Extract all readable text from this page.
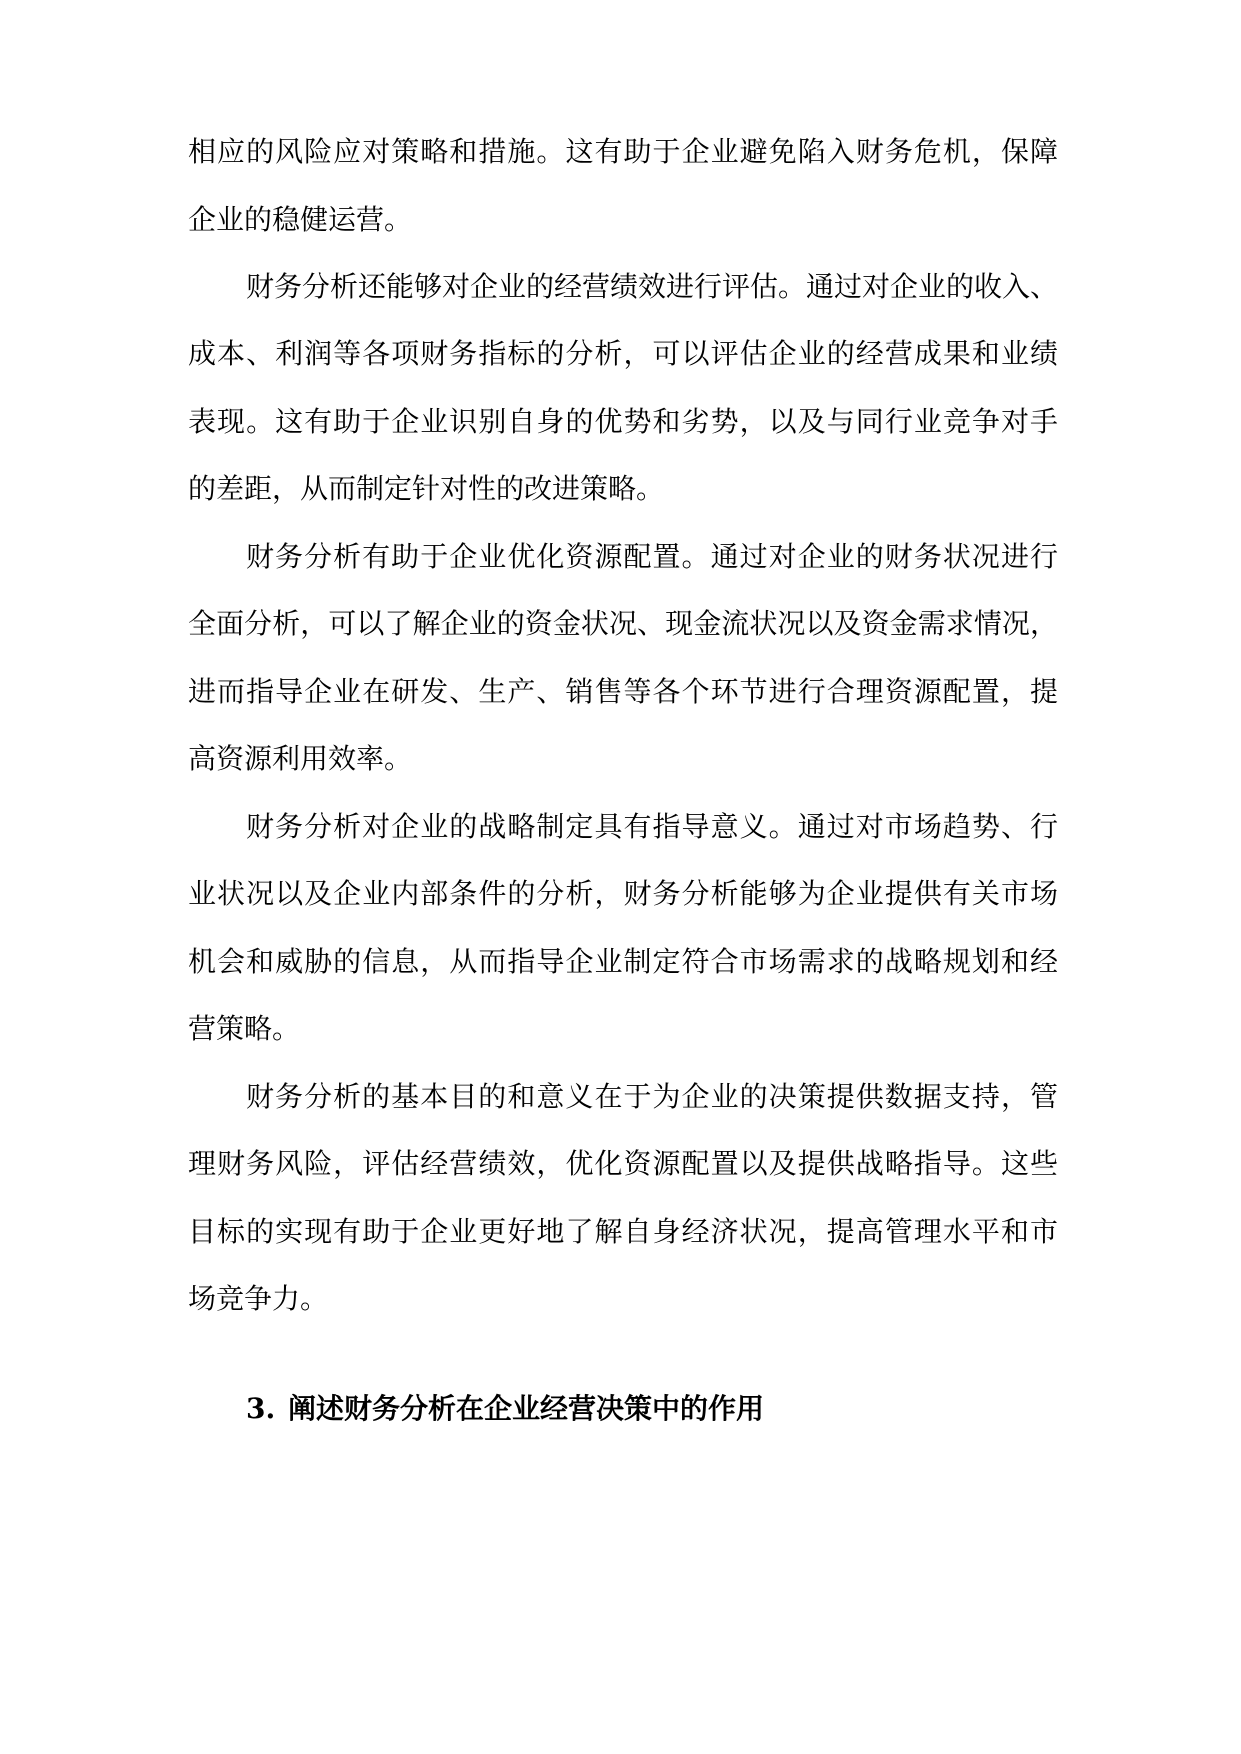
相应的风险应对策略和措施。这有助于企业避免陷入财务危机，保障
企业的稳健运营。
财务分析还能够对企业的经营绩效进行评估。通过对企业的收入、
成本、利润等各项财务指标的分析，可以评估企业的经营成果和业绩
表现。这有助于企业识别自身的优势和劣势，以及与同行业竞争对手
的差距，从而制定针对性的改进策略。
财务分析有助于企业优化资源配置。通过对企业的财务状况进行
全面分析，可以了解企业的资金状况、现金流状况以及资金需求情况，
进而指导企业在研发、生产、销售等各个环节进行合理资源配置，提
高资源利用效率。
财务分析对企业的战略制定具有指导意义。通过对市场趋势、行
业状况以及企业内部条件的分析，财务分析能够为企业提供有关市场
机会和威胁的信息，从而指导企业制定符合市场需求的战略规划和经
营策略。
财务分析的基本目的和意义在于为企业的决策提供数据支持，管
理财务风险，评估经营绩效，优化资源配置以及提供战略指导。这些
目标的实现有助于企业更好地了解自身经济状况，提高管理水平和市
场竞争力。
3. 阐述财务分析在企业经营决策中的作用
